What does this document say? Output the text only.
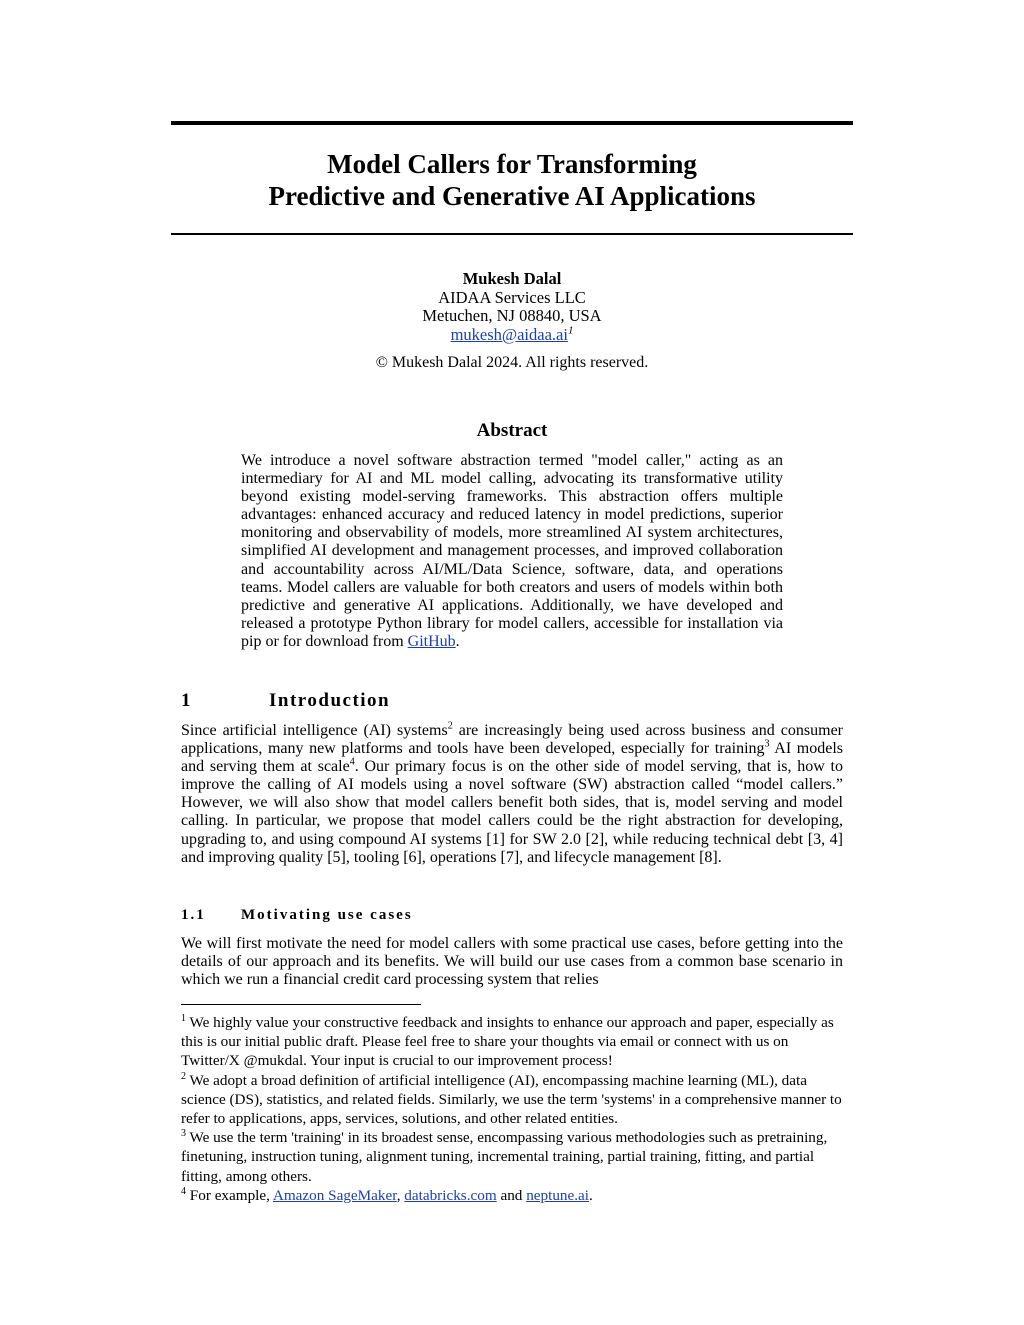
Model Callers for Transforming
Predictive and Generative AI Applications
Mukesh Dalal
AIDAA Services LLC
Metuchen, NJ 08840, USA
$mukesh@aidaa.ai^1$
© Mukesh Dalal 2024. All rights reserved.
Abstract
We introduce a novel software abstraction termed "model caller," acting as an intermediary for AI and ML model calling, advocating its transformative utility beyond existing model-serving frameworks. This abstraction offers multiple advantages: enhanced accuracy and reduced latency in model predictions, superior monitoring and observability of models, more streamlined AI system architectures, simplified AI development and management processes, and improved collaboration and accountability across AI/ML/Data Science, software, data, and operations teams. Model callers are valuable for both creators and users of models within both predictive and generative AI applications. Additionally, we have developed and released a prototype Python library for model callers, accessible for installation via pip or for download from GitHub.
1	Introduction
Since artificial intelligence (AI) systems$^2$ are increasingly being used across business and consumer applications, many new platforms and tools have been developed, especially for training$^3$ AI models and serving them at scale$^4$. Our primary focus is on the other side of model serving, that is, how to improve the calling of AI models using a novel software (SW) abstraction called “model callers.” However, we will also show that model callers benefit both sides, that is, model serving and model calling. In particular, we propose that model callers could be the right abstraction for developing, upgrading to, and using compound AI systems [1] for SW 2.0 [2], while reducing technical debt [3, 4] and improving quality [5], tooling [6], operations [7], and lifecycle management [8].
1.1 Motivating use cases
We will first motivate the need for model callers with some practical use cases, before getting into the details of our approach and its benefits. We will build our use cases from a common base scenario in which we run a financial credit card processing system that relies

$^1$ We highly value your constructive feedback and insights to enhance our approach and paper, especially as this is our initial public draft. Please feel free to share your thoughts via email or connect with us on Twitter/X @mukdal. Your input is crucial to our improvement process!

$^2$ We adopt a broad definition of artificial intelligence (AI), encompassing machine learning (ML), data science (DS), statistics, and related fields. Similarly, we use the term 'systems' in a comprehensive manner to refer to applications, apps, services, solutions, and other related entities.

$^3$ We use the term 'training' in its broadest sense, encompassing various methodologies such as pretraining, finetuning, instruction tuning, alignment tuning, incremental training, partial training, fitting, and partial fitting, among others.

$^4$ For example, Amazon SageMaker, databricks.com and neptune.ai.
